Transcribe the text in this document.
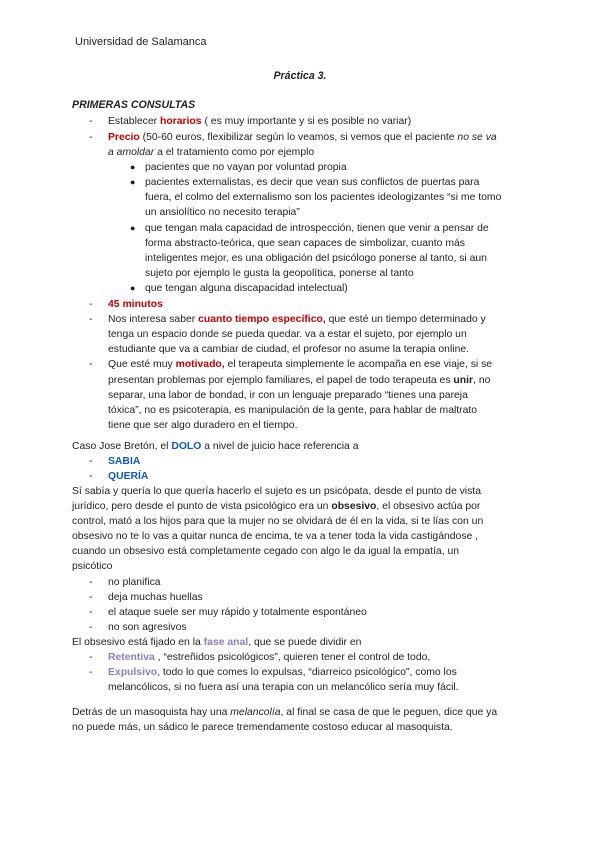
Universidad de Salamanca
Práctica 3.
PRIMERAS CONSULTAS
- Establecer horarios ( es muy importante y si es posible no variar)
- Precio (50-60 euros, flexibilizar según lo veamos, si vemos que el paciente no se va
a amoldar a el tratamiento como por ejemplo
● pacientes que no vayan por voluntad propia
● pacientes externalistas, es decir que vean sus conflictos de puertas para
fuera, el colmo del externalismo son los pacientes ideologizantes “si me tomo
un ansiolítico no necesito terapia”
● que tengan mala capacidad de introspección, tienen que venir a pensar de
forma abstracto-teórica, que sean capaces de simbolizar, cuanto más
inteligentes mejor, es una obligación del psicólogo ponerse al tanto, si aun
sujeto por ejemplo le gusta la geopolítica, ponerse al tanto
● que tengan alguna discapacidad intelectual)
- 45 minutos
- Nos interesa saber cuanto tiempo específico, que esté un tiempo determinado y
tenga un espacio donde se pueda quedar. va a estar el sujeto, por ejemplo un
estudiante que va a cambiar de ciudad, el profesor no asume la terapia online.
- Que esté muy motivado, el terapeuta simplemente le acompaña en ese viaje, si se
presentan problemas por ejemplo familiares, el papel de todo terapeuta es unir, no
separar, una labor de bondad, ir con un lenguaje preparado “tienes una pareja
tóxica”, no es psicoterapia, es manipulación de la gente, para hablar de maltrato
tiene que ser algo duradero en el tiempo.
Caso Jose Bretón, el DOLO a nivel de juicio hace referencia a
- SABIA
- QUERÍA
Sí sabía y quería lo que quería hacerlo el sujeto es un psicópata, desde el punto de vista
jurídico, pero desde el punto de vista psicológico era un obsesivo, el obsesivo actúa por
control, mató a los hijos para que la mujer no se olvidará de él en la vida, si te lías con un
obsesivo no te lo vas a quitar nunca de encima, te va a tener toda la vida castigándose ,
cuando un obsesivo está completamente cegado con algo le da igual la empatía, un
psicótico
- no planifica
- deja muchas huellas
- el ataque suele ser muy rápido y totalmente espontáneo
- no son agresivos
El obsesivo está fijado en la fase anal, que se puede dividir en
- Retentiva , “estreñidos psicológicos”, quieren tener el control de todo,
- Expulsivo, todo lo que comes lo expulsas, “diarreico psicológico”, como los
melancólicos, si no fuera así una terapia con un melancólico sería muy fácil.
Detrás de un masoquista hay una melancolía, al final se casa de que le peguen, dice que ya
no puede más, un sádico le parece tremendamente costoso educar al masoquista.
